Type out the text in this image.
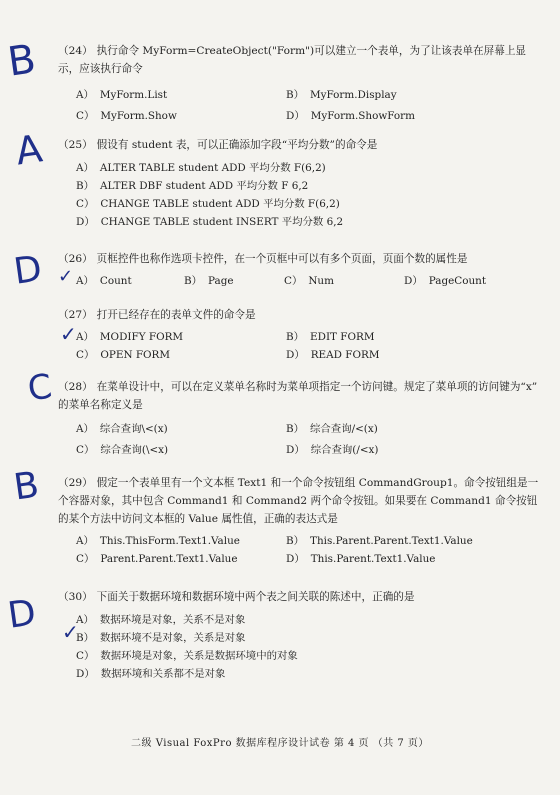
B （24） 执行命令 MyForm=CreateObject("Form")可以建立一个表单，为了让该表单在屏幕上显示，应该执行命令

A） MyForm.List	B） MyForm.Display
C） MyForm.Show	D） MyForm.ShowForm
A （25） 假设有 student 表，可以正确添加字段“平均分数”的命令是

A） ALTER TABLE student ADD 平均分数 F(6,2)
B） ALTER DBF student ADD 平均分数 F 6,2
C） CHANGE TABLE student ADD 平均分数 F(6,2)
D） CHANGE TABLE student INSERT 平均分数 6,2
D ✓

（26） 页框控件也称作选项卡控件，在一个页框中可以有多个页面，页面个数的属性是

A） Count	B） Page	C） Num	D） PageCount
✓

（27） 打开已经存在的表单文件的命令是

A） MODIFY FORM	B） EDIT FORM
C） OPEN FORM	D） READ FORM
C （28） 在菜单设计中，可以在定义菜单名称时为菜单项指定一个访问键。规定了菜单项的访问键为“x” 的菜单名称定义是

A） 综合查询\<(x)	B） 综合查询/<(x)
C） 综合查询(\<x)	D） 综合查询(/<x)
B （29） 假定一个表单里有一个文本框 Text1 和一个命令按钮组 CommandGroup1。命令按钮组是一个容器对象，其中包含 Command1 和 Command2 两个命令按钮。如果要在 Command1 命令按钮的某个方法中访问文本框的 Value 属性值，正确的表达式是

A） This.ThisForm.Text1.Value	B） This.Parent.Parent.Text1.Value
C） Parent.Parent.Text1.Value	D） This.Parent.Text1.Value
D ✓

（30） 下面关于数据环境和数据环境中两个表之间关联的陈述中，正确的是

A） 数据环境是对象，关系不是对象
B） 数据环境不是对象，关系是对象
C） 数据环境是对象，关系是数据环境中的对象
D） 数据环境和关系都不是对象
二级 Visual FoxPro 数据库程序设计试卷 第 4 页 （共 7 页）
